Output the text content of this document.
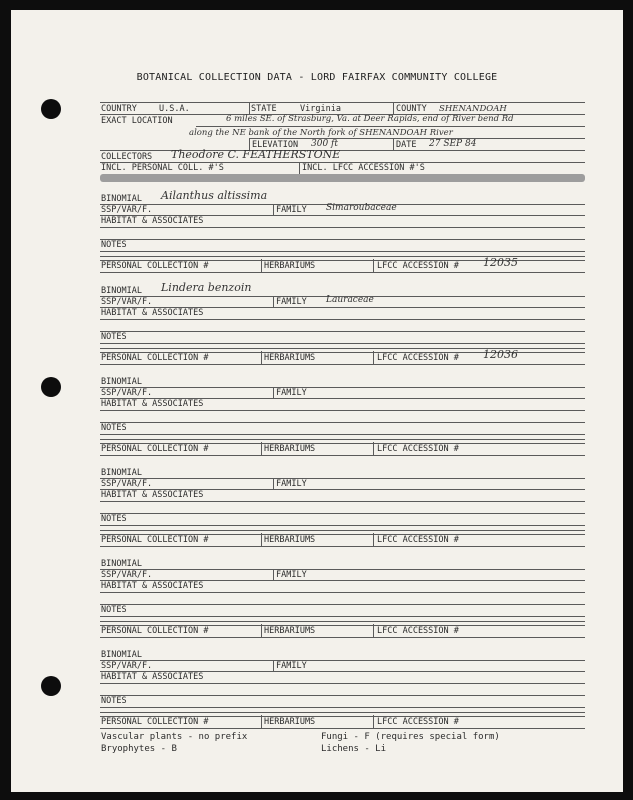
BOTANICAL COLLECTION DATA - LORD FAIRFAX COMMUNITY COLLEGE
COUNTRY	U.S.A.	STATE	Virginia	COUNTY SHENANDOAH
EXACT LOCATION	6 miles SE. of Strasburg, Va. at Deer Rapids, end of River bend Rd
along the NE bank of the North fork of SHENANDOAH River
ELEVATION 300 ft	DATE 27 SEP 84
COLLECTORS Theodore C. FEATHERSTONE
INCL. PERSONAL COLL. #'S	INCL. LFCC ACCESSION #'S
BINOMIAL Ailanthus altissima
SSP/VAR/F.	FAMILY Simaroubaceae
HABITAT & ASSOCIATES
NOTES
PERSONAL COLLECTION #	HERBARIUMS	LFCC ACCESSION # 12035
BINOMIAL Lindera benzoin
SSP/VAR/F.	FAMILY Lauraceae
HABITAT & ASSOCIATES
NOTES
PERSONAL COLLECTION #	HERBARIUMS	LFCC ACCESSION # 12036
BINOMIAL
SSP/VAR/F.	FAMILY
HABITAT & ASSOCIATES
NOTES
PERSONAL COLLECTION #	HERBARIUMS	LFCC ACCESSION #
BINOMIAL
SSP/VAR/F.	FAMILY
HABITAT & ASSOCIATES
NOTES
PERSONAL COLLECTION #	HERBARIUMS	LFCC ACCESSION #
BINOMIAL
SSP/VAR/F.	FAMILY
HABITAT & ASSOCIATES
NOTES
PERSONAL COLLECTION #	HERBARIUMS	LFCC ACCESSION #
BINOMIAL
SSP/VAR/F.	FAMILY
HABITAT & ASSOCIATES
NOTES
PERSONAL COLLECTION #	HERBARIUMS	LFCC ACCESSION #
Vascular plants - no prefix
Bryophytes - B
Fungi - F (requires special form)
Lichens - Li
